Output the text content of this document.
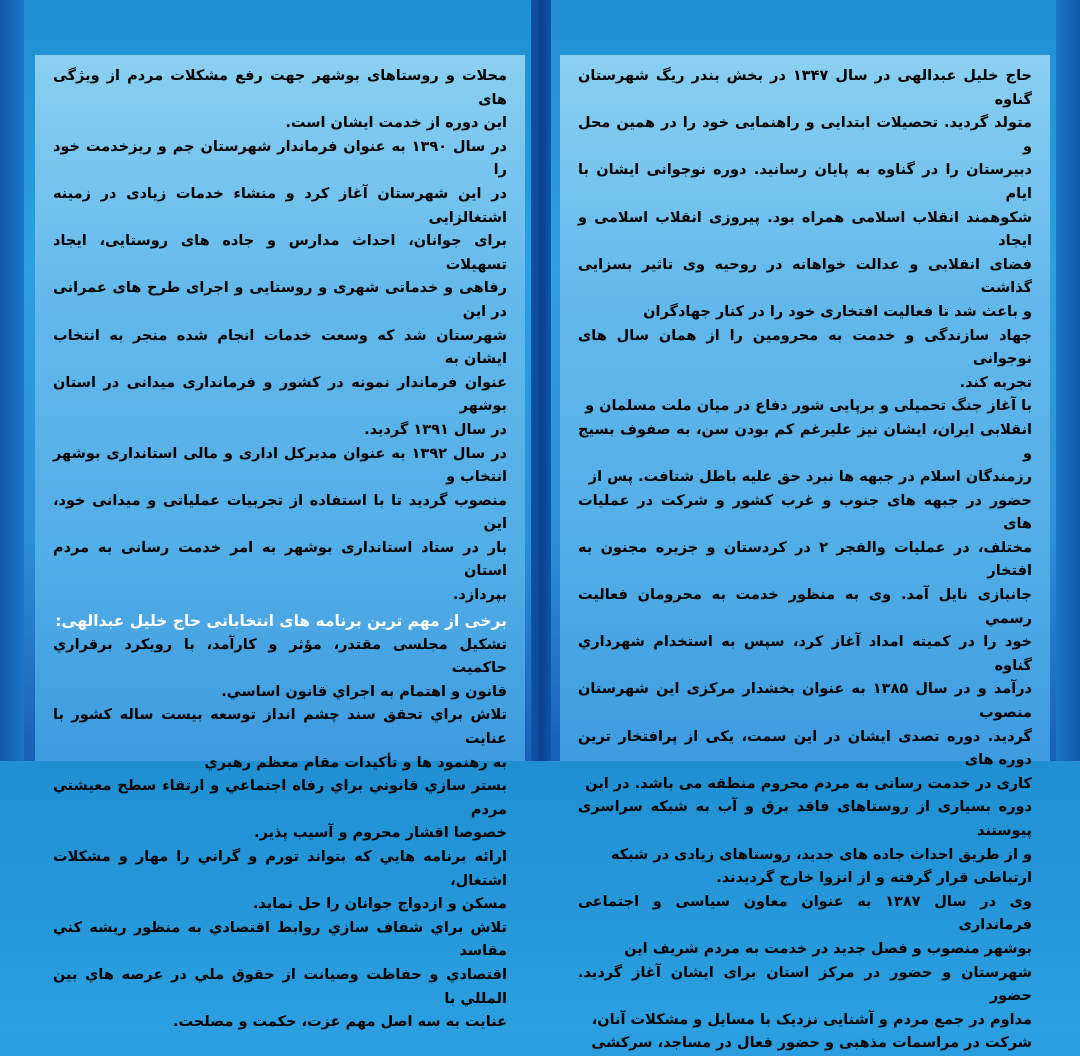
حاج خلیل عبدالهی در سال ۱۳۴۷ در بخش بندر ریگ شهرستان گناوه
متولد گردید. تحصیلات ابتدایی و راهنمایی خود را در همین محل و
دبیرستان را در گناوه به پایان رسانید. دوره نوجوانی ایشان با ایام
شکوهمند انقلاب اسلامی همراه بود. پیروزی انقلاب اسلامی و ایجاد
فضای انقلابی و عدالت خواهانه در روحیه وی تاثیر بسزایی گذاشت
و باعث شد تا فعالیت افتخاری خود را در کنار جهادگران
جهاد سازندگی و خدمت به محرومین را از همان سال های نوجوانی
تجربه کند.

با آغاز جنگ تحمیلی و برپایی شور دفاع در میان ملت مسلمان و
انقلابی ایران، ایشان نیز علیرغم کم بودن سن، به صفوف بسیج و
رزمندگان اسلام در جبهه ها نبرد حق علیه باطل شتافت. پس از
حضور در جبهه های جنوب و غرب کشور و شرکت در عملیات های
مختلف، در عملیات والفجر ۲ در کردستان و جزیره مجنون به افتخار
جانبازی نایل آمد. وی به منظور خدمت به محرومان فعالیت رسمي
خود را در کمیته امداد آغاز کرد، سپس به استخدام شهرداري گناوه
درآمد و در سال ۱۳۸۵ به عنوان بخشدار مرکزی این شهرستان منصوب
گردید. دوره تصدی ایشان در این سمت، یکی از پرافتخار ترین دوره های
کاری در خدمت رسانی به مردم محروم منطقه می باشد. در این
دوره بسیاری از روستاهای فاقد برق و آب به شبکه سراسری پیوستند
و از طریق احداث جاده های جدید، روستاهای زیادی در شبکه
ارتباطی قرار گرفته و از انزوا خارج گردیدند.

وی در سال ۱۳۸۷ به عنوان معاون سیاسی و اجتماعی فرمانداری
بوشهر منصوب و فصل جدید در خدمت به مردم شریف این
شهرستان و حضور در مرکز استان برای ایشان آغاز گردید. حضور
مداوم در جمع مردم و آشنایی نزدیک با مسایل و مشکلات آنان،
شرکت در مراسمات مذهبی و حضور فعال در مساجد، سرکشی

محلات و روستاهای بوشهر جهت رفع مشکلات مردم از ویژگی های
این دوره از خدمت ایشان است.

در سال ۱۳۹۰ به عنوان فرماندار شهرستان جم و ریزخدمت خود را
در این شهرستان آغاز کرد و منشاء خدمات زیادی در زمینه اشتغالزایی
برای جوانان، احداث مدارس و جاده های روستایی، ایجاد تسهیلات
رفاهی و خدماتی شهری و روستایی و اجرای طرح های عمرانی در این
شهرستان شد که وسعت خدمات انجام شده منجر به انتخاب ایشان به
عنوان فرماندار نمونه در کشور و فرمانداری میدانی در استان بوشهر
در سال ۱۳۹۱ گردید.

در سال ۱۳۹۲ به عنوان مدیرکل اداری و مالی استانداری بوشهر انتخاب و
منصوب گردید تا با استفاده از تجربیات عملیاتی و میدانی خود، این
بار در ستاد استانداری بوشهر به امر خدمت رسانی به مردم استان
بپردازد.

برخی از مهم ترین برنامه های انتخاباتی حاج خلیل عبدالهی:
تشکیل مجلسی مقتدر، مؤثر و کارآمد، با رویکرد برقراري حاکمیت
قانون و اهتمام به اجراي قانون اساسي.
تلاش براي تحقق سند چشم انداز توسعه بیست ساله کشور با عنایت
به رهنمود ها و تأکیدات مقام معظم رهبري
بستر سازي قانوني براي رفاه اجتماعي و ارتقاء سطح معیشتي مردم
خصوصا اقشار محروم و آسیب پذیر.
ارائه برنامه هایي كه بتواند تورم و گراني را مهار و مشکلات اشتغال،
مسکن و ازدواج جوانان را حل نماید.
تلاش براي شفاف سازي روابط اقتصادي به منظور ریشه كني مفاسد
اقتصادي و حفاظت وصیانت از حقوق ملي در عرصه هاي بین المللي با
عنایت به سه اصل مهم عزت، حکمت و مصلحت.
